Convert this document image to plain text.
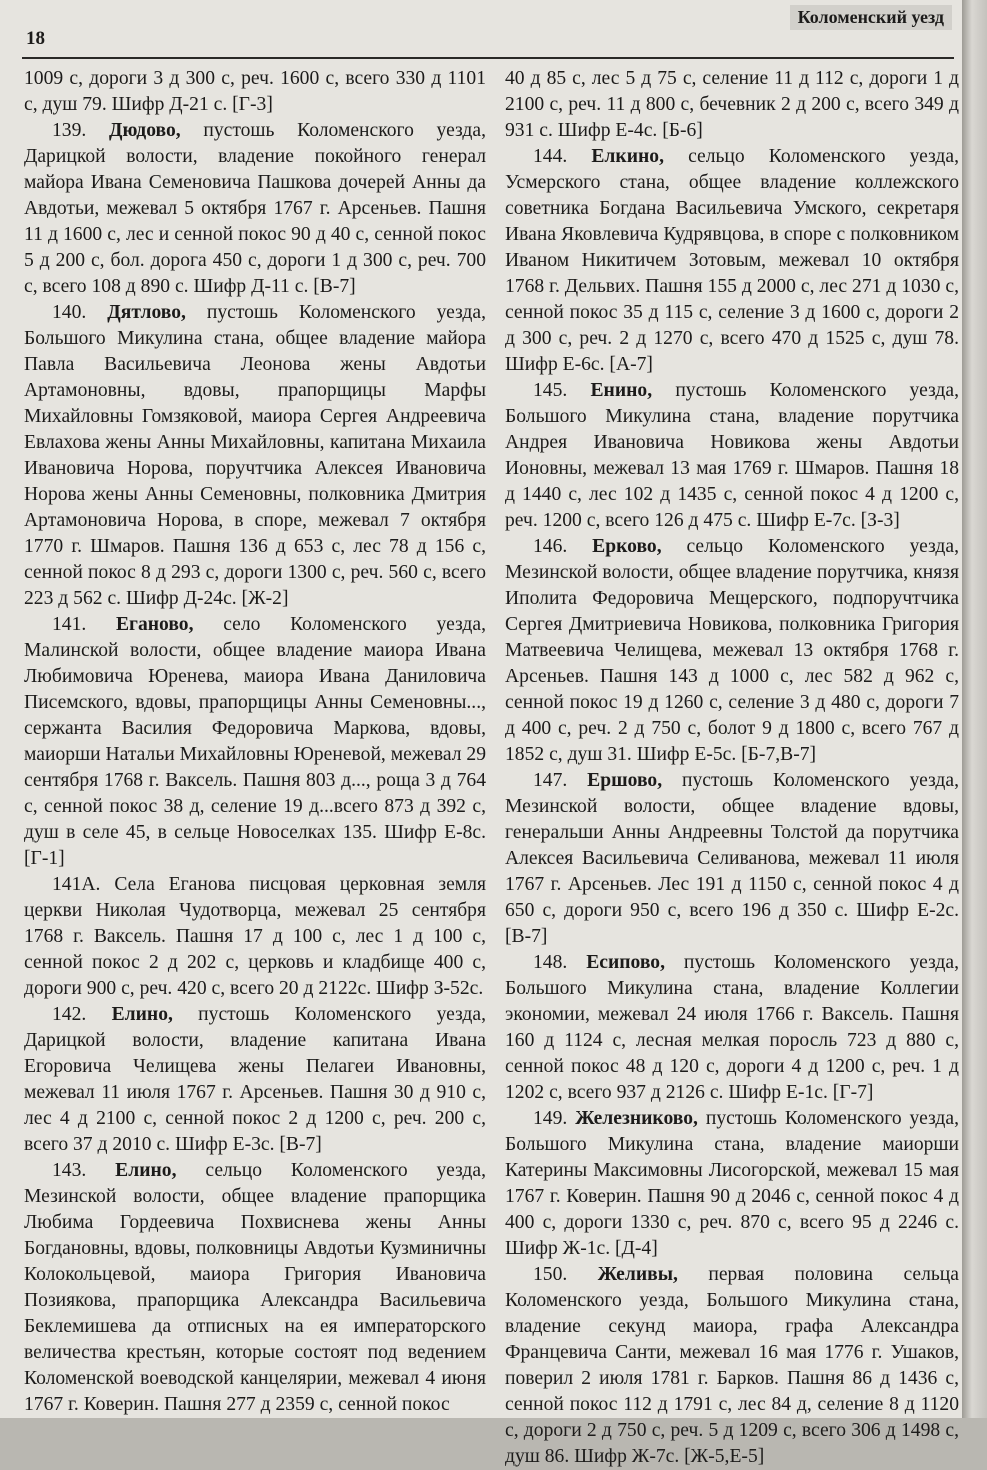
18
Коломенский уезд

1009 с, дороги 3 д 300 с, реч. 1600 с, всего 330 д 1101 с, душ 79. Шифр Д-21 с. [Г-3]

139. Дюдово, пустошь Коломенского уезда, Дарицкой волости, владение покойного генерал майора Ивана Семеновича Пашкова дочерей Анны да Авдотьи, межевал 5 октября 1767 г. Арсеньев. Пашня 11 д 1600 с, лес и сенной покос 90 д 40 с, сенной покос 5 д 200 с, бол. дорога 450 с, дороги 1 д 300 с, реч. 700 с, всего 108 д 890 с. Шифр Д-11 с. [В-7]

140. Дятлово, пустошь Коломенского уезда, Большого Микулина стана, общее владение майора Павла Васильевича Леонова жены Авдотьи Артамоновны, вдовы, прапорщицы Марфы Михайловны Гомзяковой, маиора Сергея Андреевича Евлахова жены Анны Михайловны, капитана Михаила Ивановича Норова, поручтчика Алексея Ивановича Норова жены Анны Семеновны, полковника Дмитрия Артамоновича Норова, в споре, межевал 7 октября 1770 г. Шмаров. Пашня 136 д 653 с, лес 78 д 156 с, сенной покос 8 д 293 с, дороги 1300 с, реч. 560 с, всего 223 д 562 с. Шифр Д-24с. [Ж-2]

141. Еганово, село Коломенского уезда, Малинской волости, общее владение маиора Ивана Любимовича Юренева, маиора Ивана Даниловича Писемского, вдовы, прапорщицы Анны Семеновны..., сержанта Василия Федоровича Маркова, вдовы, маиорши Натальи Михайловны Юреневой, межевал 29 сентября 1768 г. Ваксель. Пашня 803 д..., роща 3 д 764 с, сенной покос 38 д, селение 19 д...всего 873 д 392 с, душ в селе 45, в сельце Новоселках 135. Шифр Е-8с. [Г-1]

141А. Села Еганова писцовая церковная земля церкви Николая Чудотворца, межевал 25 сентября 1768 г. Ваксель. Пашня 17 д 100 с, лес 1 д 100 с, сенной покос 2 д 202 с, церковь и кладбище 400 с, дороги 900 с, реч. 420 с, всего 20 д 2122с. Шифр З-52с.

142. Елино, пустошь Коломенского уезда, Дарицкой волости, владение капитана Ивана Егоровича Челищева жены Пелагеи Ивановны, межевал 11 июля 1767 г. Арсеньев. Пашня 30 д 910 с, лес 4 д 2100 с, сенной покос 2 д 1200 с, реч. 200 с, всего 37 д 2010 с. Шифр Е-3с. [В-7]

143. Елино, сельцо Коломенского уезда, Мезинской волости, общее владение прапорщика Любима Гордеевича Похвиснева жены Анны Богдановны, вдовы, полковницы Авдотьи Кузминичны Колокольцевой, маиора Григория Ивановича Позиякова, прапорщика Александра Васильевича Беклемишева да отписных на ея императорского величества крестьян, которые состоят под ведением Коломенской воеводской канцелярии, межевал 4 июня 1767 г. Коверин. Пашня 277 д 2359 с, сенной покос

40 д 85 с, лес 5 д 75 с, селение 11 д 112 с, дороги 1 д 2100 с, реч. 11 д 800 с, бечевник 2 д 200 с, всего 349 д 931 с. Шифр Е-4с. [Б-6]

144. Елкино, сельцо Коломенского уезда, Усмерского стана, общее владение коллежского советника Богдана Васильевича Умского, секретаря Ивана Яковлевича Кудрявцова, в споре с полковником Иваном Никитичем Зотовым, межевал 10 октября 1768 г. Дельвих. Пашня 155 д 2000 с, лес 271 д 1030 с, сенной покос 35 д 115 с, селение 3 д 1600 с, дороги 2 д 300 с, реч. 2 д 1270 с, всего 470 д 1525 с, душ 78. Шифр Е-6с. [А-7]

145. Енино, пустошь Коломенского уезда, Большого Микулина стана, владение порутчика Андрея Ивановича Новикова жены Авдотьи Ионовны, межевал 13 мая 1769 г. Шмаров. Пашня 18 д 1440 с, лес 102 д 1435 с, сенной покос 4 д 1200 с, реч. 1200 с, всего 126 д 475 с. Шифр Е-7с. [З-3]

146. Ерково, сельцо Коломенского уезда, Мезинской волости, общее владение порутчика, князя Иполита Федоровича Мещерского, подпоручтчика Сергея Дмитриевича Новикова, полковника Григория Матвеевича Челищева, межевал 13 октября 1768 г. Арсеньев. Пашня 143 д 1000 с, лес 582 д 962 с, сенной покос 19 д 1260 с, селение 3 д 480 с, дороги 7 д 400 с, реч. 2 д 750 с, болот 9 д 1800 с, всего 767 д 1852 с, душ 31. Шифр Е-5с. [Б-7,В-7]

147. Ершово, пустошь Коломенского уезда, Мезинской волости, общее владение вдовы, генеральши Анны Андреевны Толстой да порутчика Алексея Васильевича Селиванова, межевал 11 июля 1767 г. Арсеньев. Лес 191 д 1150 с, сенной покос 4 д 650 с, дороги 950 с, всего 196 д 350 с. Шифр Е-2с. [В-7]

148. Есипово, пустошь Коломенского уезда, Большого Микулина стана, владение Коллегии экономии, межевал 24 июля 1766 г. Ваксель. Пашня 160 д 1124 с, лесная мелкая поросль 723 д 880 с, сенной покос 48 д 120 с, дороги 4 д 1200 с, реч. 1 д 1202 с, всего 937 д 2126 с. Шифр Е-1с. [Г-7]

149. Железниково, пустошь Коломенского уезда, Большого Микулина стана, владение маиорши Катерины Максимовны Лисогорской, межевал 15 мая 1767 г. Коверин. Пашня 90 д 2046 с, сенной покос 4 д 400 с, дороги 1330 с, реч. 870 с, всего 95 д 2246 с. Шифр Ж-1с. [Д-4]

150. Желивы, первая половина сельца Коломенского уезда, Большого Микулина стана, владение секунд маиора, графа Александра Францевича Санти, межевал 16 мая 1776 г. Ушаков, поверил 2 июля 1781 г. Барков. Пашня 86 д 1436 с, сенной покос 112 д 1791 с, лес 84 д, селение 8 д 1120 с, дороги 2 д 750 с, реч. 5 д 1209 с, всего 306 д 1498 с, душ 86. Шифр Ж-7с. [Ж-5,Е-5]
